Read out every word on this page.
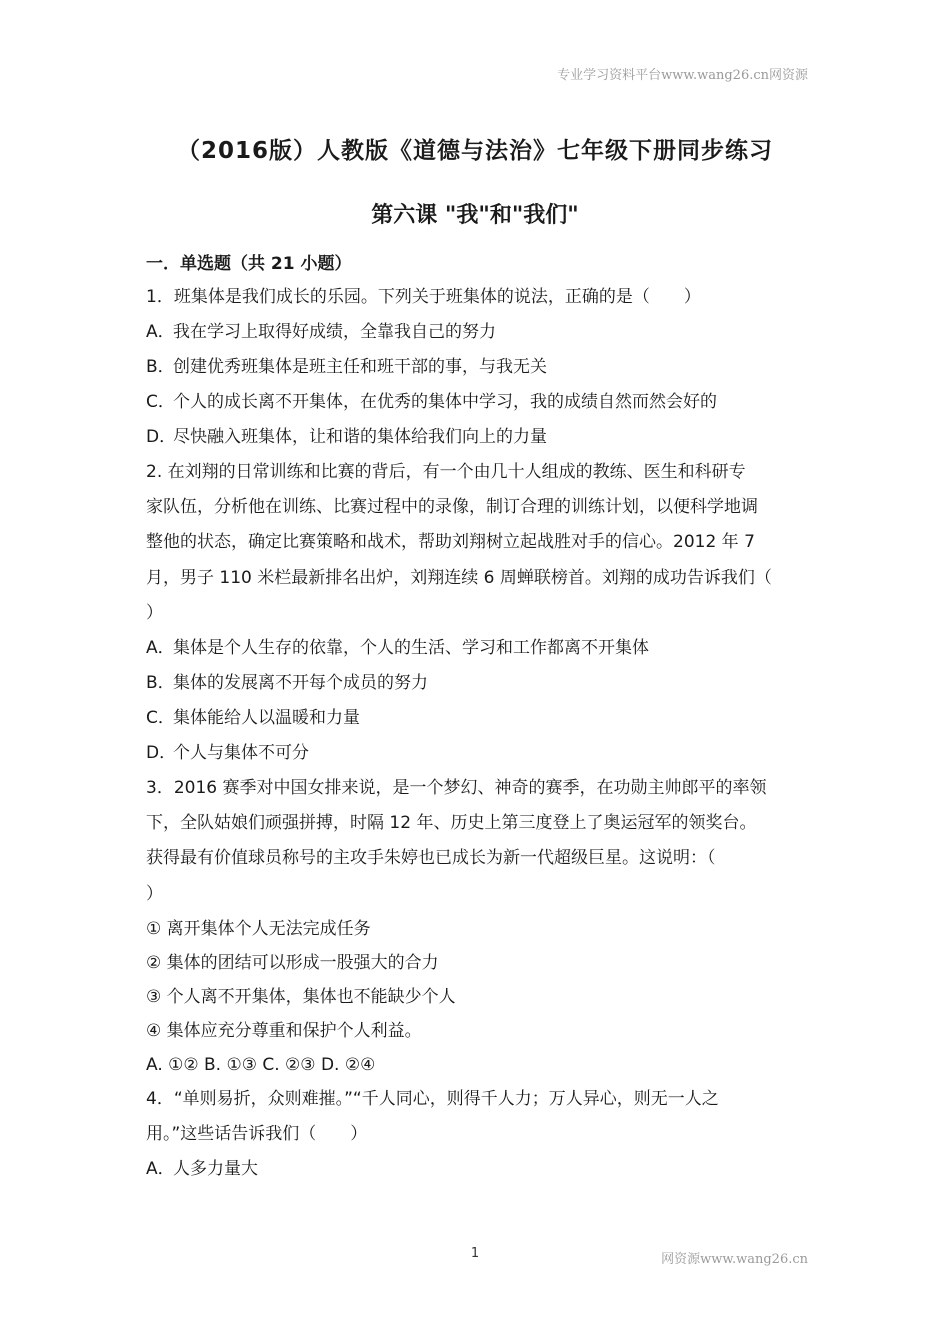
专业学习资料平台www.wang26.cn网资源
（2016版）人教版《道德与法治》七年级下册同步练习
第六课 "我"和"我们"
一．单选题（共 21 小题）
1．班集体是我们成长的乐园。下列关于班集体的说法，正确的是（　　）
A．我在学习上取得好成绩，全靠我自己的努力
B．创建优秀班集体是班主任和班干部的事，与我无关
C．个人的成长离不开集体，在优秀的集体中学习，我的成绩自然而然会好的
D．尽快融入班集体，让和谐的集体给我们向上的力量
2. 在刘翔的日常训练和比赛的背后，有一个由几十人组成的教练、医生和科研专
家队伍，分析他在训练、比赛过程中的录像，制订合理的训练计划，以便科学地调
整他的状态，确定比赛策略和战术，帮助刘翔树立起战胜对手的信心。2012 年 7
月，男子 110 米栏最新排名出炉，刘翔连续 6 周蝉联榜首。刘翔的成功告诉我们（
）
A．集体是个人生存的依靠，个人的生活、学习和工作都离不开集体
B．集体的发展离不开每个成员的努力
C．集体能给人以温暖和力量
D．个人与集体不可分
3．2016 赛季对中国女排来说，是一个梦幻、神奇的赛季，在功勋主帅郎平的率领
下，全队姑娘们顽强拼搏，时隔 12 年、历史上第三度登上了奥运冠军的领奖台。
获得最有价值球员称号的主攻手朱婷也已成长为新一代超级巨星。这说明：（
）
① 离开集体个人无法完成任务
② 集体的团结可以形成一股强大的合力
③ 个人离不开集体，集体也不能缺少个人
④ 集体应充分尊重和保护个人利益。
A. ①② B. ①③ C. ②③ D. ②④
4．“单则易折，众则难摧。”“千人同心，则得千人力；万人异心，则无一人之
用。”这些话告诉我们（　　）
A．人多力量大
1	网资源www.wang26.cn
